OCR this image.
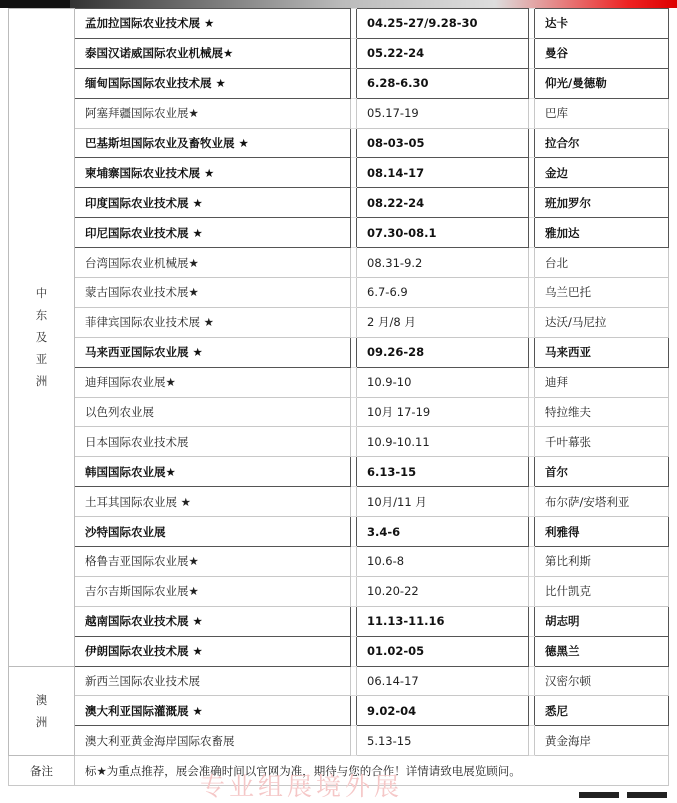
中
东
及
亚
洲	孟加拉国际农业技术展 ★		04.25-27/9.28-30		达卡
	泰国汉诺威国际农业机械展★		05.22-24		曼谷
	缅甸国际国际农业技术展 ★		6.28-6.30		仰光/曼德勒
	阿塞拜疆国际农业展★		05.17-19		巴库
	巴基斯坦国际农业及畜牧业展 ★		08-03-05		拉合尔
	柬埔寨国际农业技术展 ★		08.14-17		金边
	印度国际农业技术展 ★		08.22-24		班加罗尔
	印尼国际农业技术展 ★		07.30-08.1		雅加达
	台湾国际农业机械展★		08.31-9.2		台北
	蒙古国际农业技术展★		6.7-6.9		乌兰巴托
	菲律宾国际农业技术展 ★		2 月/8 月		达沃/马尼拉
	马来西亚国际农业展 ★		09.26-28		马来西亚
	迪拜国际农业展★		10.9-10		迪拜
	以色列农业展		10月 17-19		特拉维夫
	日本国际农业技术展		10.9-10.11		千叶幕张
	韩国国际农业展★		6.13-15		首尔
	土耳其国际农业展 ★		10月/11 月		布尔萨/安塔利亚
	沙特国际农业展		3.4-6		利雅得
	格鲁吉亚国际农业展★		10.6-8		第比利斯
	吉尔吉斯国际农业展★		10.20-22		比什凯克
	越南国际农业技术展 ★		11.13-11.16		胡志明
	伊朗国际农业技术展 ★		01.02-05		德黑兰

澳
洲	新西兰国际农业技术展		06.14-17		汉密尔顿
	澳大利亚国际灌溉展 ★		9.02-04		悉尼
	澳大利亚黄金海岸国际农畜展		5.13-15		黄金海岸
备注	标★为重点推荐，展会准确时间以官网为准，期待与您的合作！详情请致电展览顾问。				
专业组展境外展
